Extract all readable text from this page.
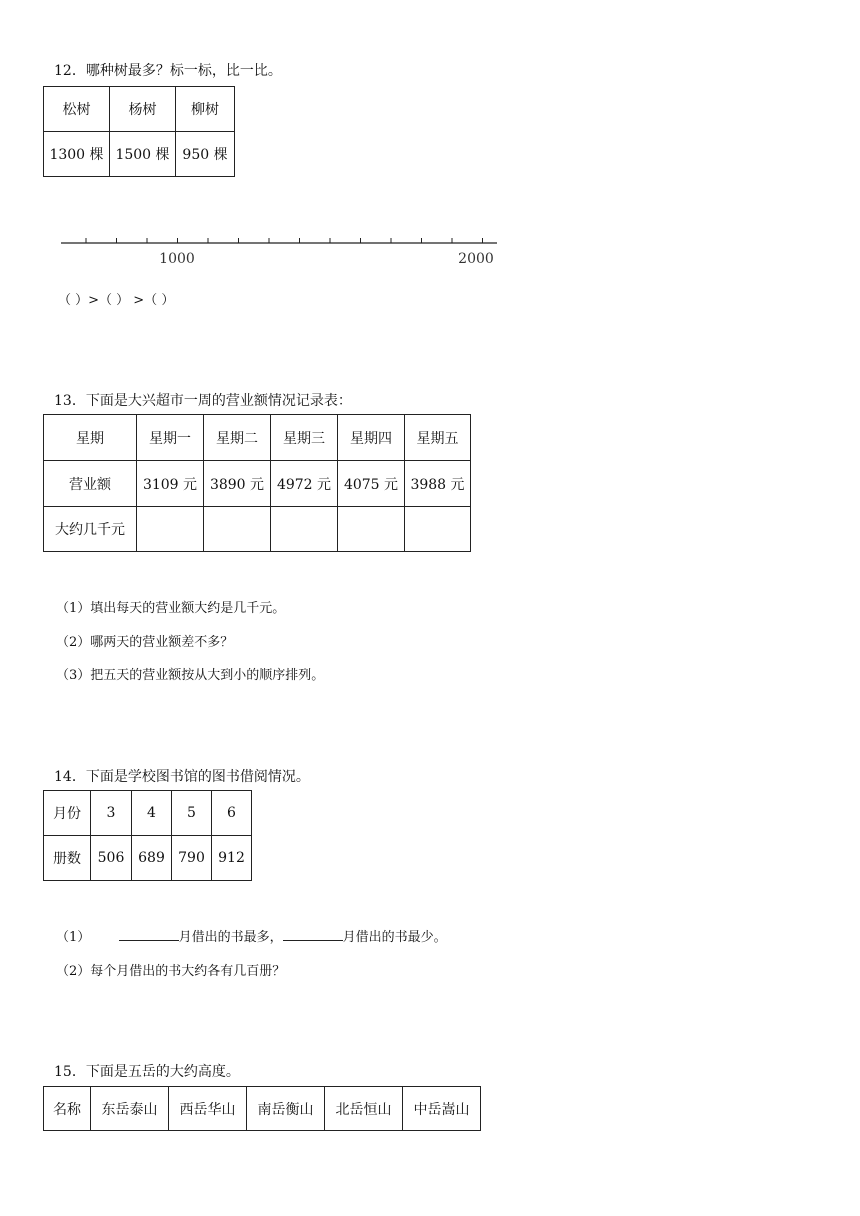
12．哪种树最多？标一标，比一比。
松树	杨树	柳树
1300 棵	1500 棵	950 棵
1000	2000
（ ）>（ ） >（ ）
13．下面是大兴超市一周的营业额情况记录表：
星期	星期一	星期二	星期三	星期四	星期五
营业额	3109 元	3890 元	4972 元	4075 元	3988 元
大约几千元					
（1）填出每天的营业额大约是几千元。
（2）哪两天的营业额差不多？
（3）把五天的营业额按从大到小的顺序排列。
14．下面是学校图书馆的图书借阅情况。
月份	3	4	5	6
册数	506	689	790	912
（1）	月借出的书最多，	月借出的书最少。
（2）每个月借出的书大约各有几百册？
15．下面是五岳的大约高度。
名称	东岳泰山	西岳华山	南岳衡山	北岳恒山	中岳嵩山
